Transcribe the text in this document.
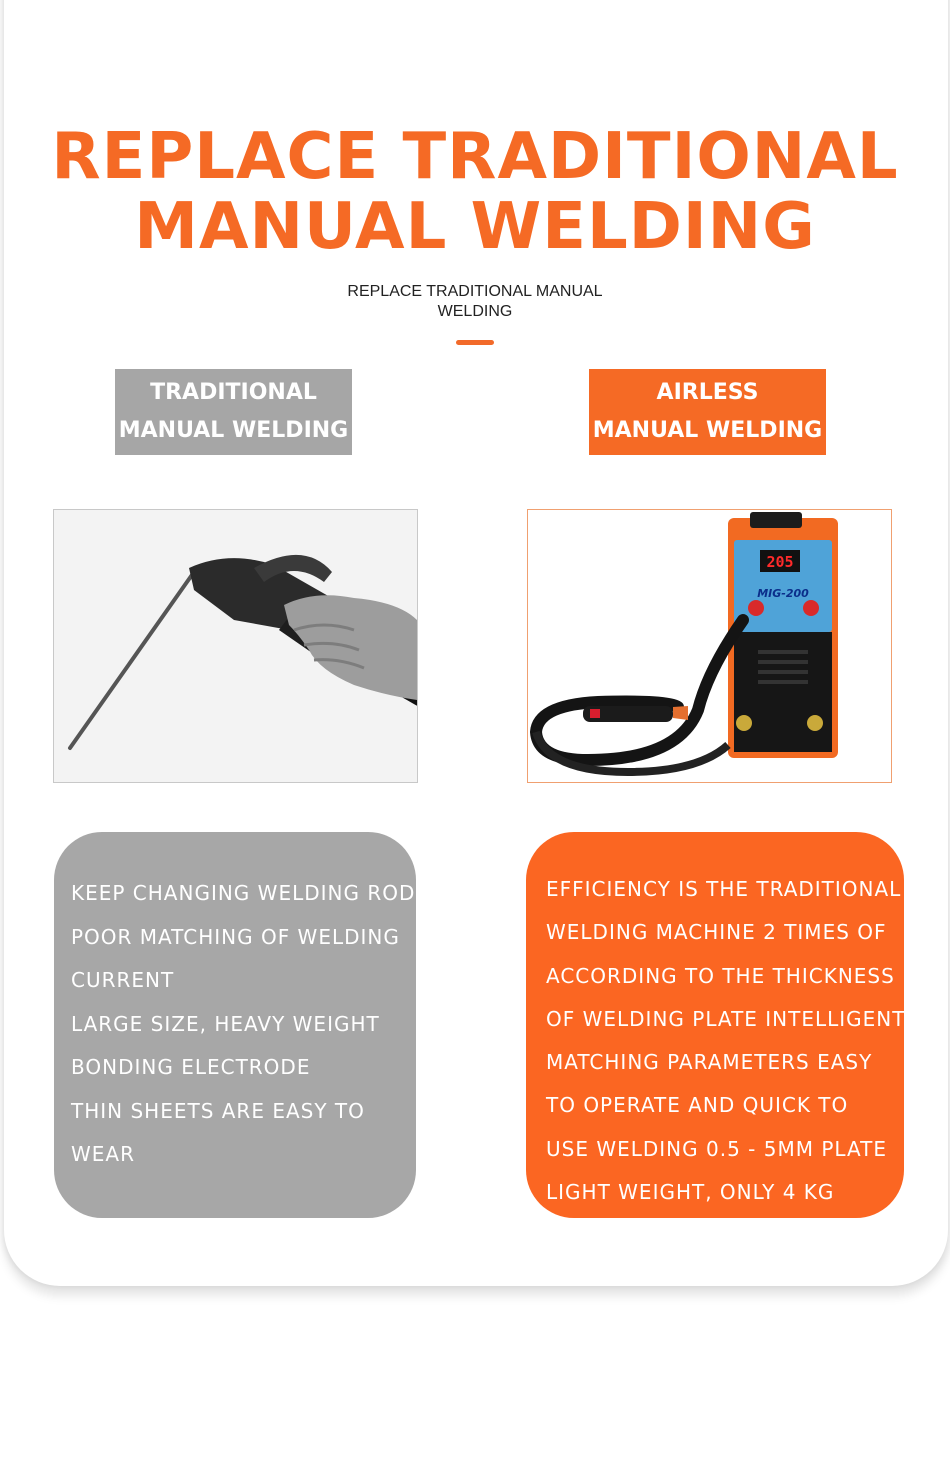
REPLACE TRADITIONAL
MANUAL WELDING
REPLACE TRADITIONAL MANUAL
WELDING
TRADITIONAL
MANUAL WELDING
AIRLESS
MANUAL WELDING
205
MIG-200
KEEP CHANGING WELDING ROD
POOR MATCHING OF WELDING
CURRENT
LARGE SIZE, HEAVY WEIGHT
BONDING ELECTRODE
THIN SHEETS ARE EASY TO
WEAR
EFFICIENCY IS THE TRADITIONAL
WELDING MACHINE 2 TIMES OF
ACCORDING TO THE THICKNESS
OF WELDING PLATE INTELLIGENT
MATCHING PARAMETERS EASY
TO OPERATE AND QUICK TO
USE WELDING 0.5 - 5MM PLATE
LIGHT WEIGHT, ONLY 4 KG
